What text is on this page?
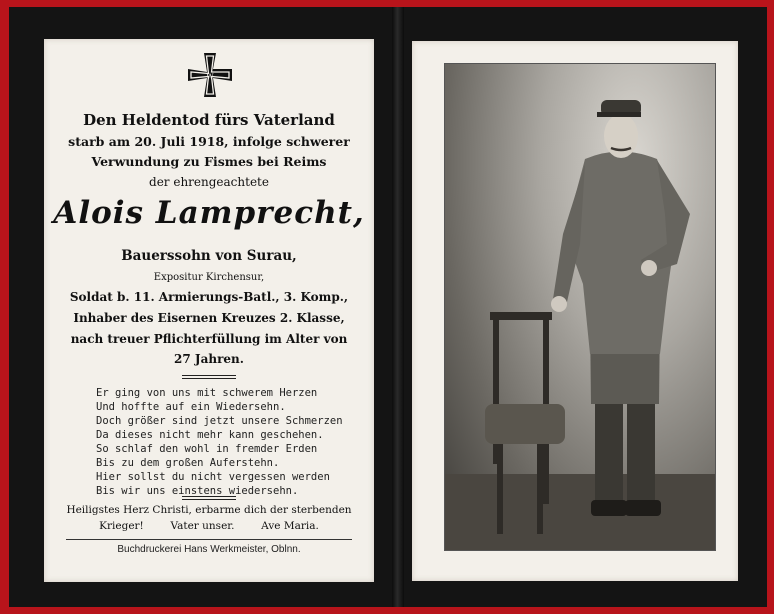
W
Den Heldentod fürs Vaterland
starb am 20. Juli 1918, infolge schwerer
Verwundung zu Fismes bei Reims
der ehrengeachtete
Alois Lamprecht,
Bauerssohn von Surau,
Expositur Kirchensur,
Soldat b. 11. Armierungs-Batl., 3. Komp.,
Inhaber des Eisernen Kreuzes 2. Klasse,
nach treuer Pflichterfüllung im Alter von
27 Jahren.
Er ging von uns mit schwerem Herzen
Und hoffte auf ein Wiedersehn.
Doch größer sind jetzt unsere Schmerzen
Da dieses nicht mehr kann geschehen.
So schlaf den wohl in fremder Erden
Bis zu dem großen Auferstehn.
Hier sollst du nicht vergessen werden
Bis wir uns einstens wiedersehn.
Heiligstes Herz Christi, erbarme dich der sterbenden
Krieger!	Vater unser.	Ave Maria.
Buchdruckerei Hans Werkmeister, Oblnn.
